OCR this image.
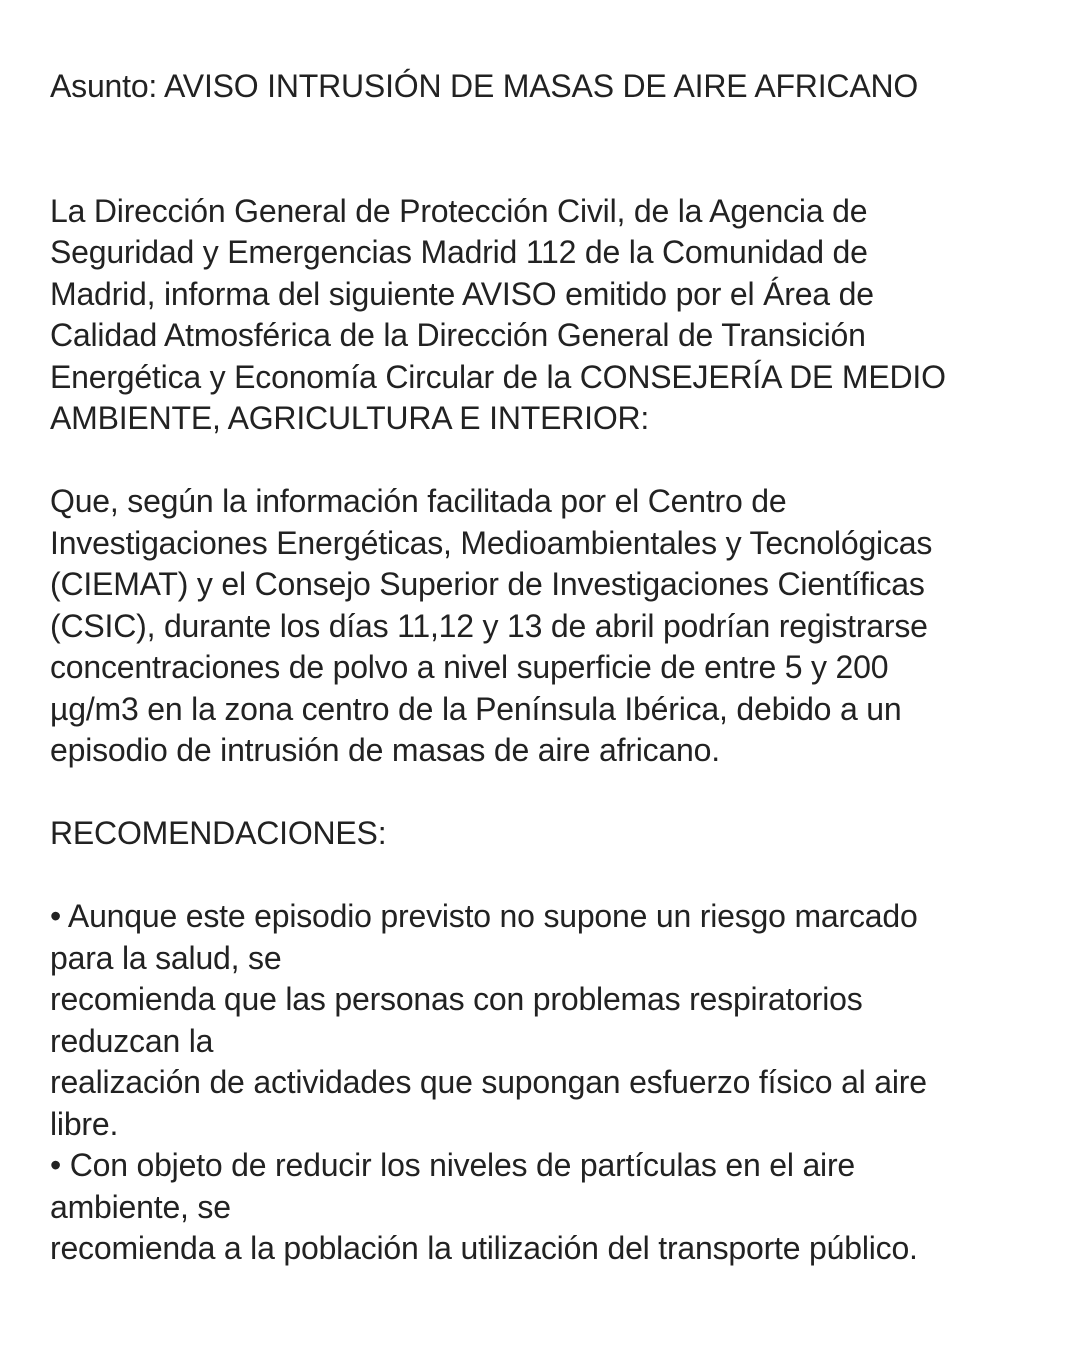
Asunto: AVISO INTRUSIÓN DE MASAS DE AIRE AFRICANO
La Dirección General de Protección Civil, de la Agencia de
Seguridad y Emergencias Madrid 112 de la Comunidad de
Madrid, informa del siguiente AVISO emitido por el Área de
Calidad Atmosférica de la Dirección General de Transición
Energética y Economía Circular de la CONSEJERÍA DE MEDIO
AMBIENTE, AGRICULTURA E INTERIOR:
Que, según la información facilitada por el Centro de
Investigaciones Energéticas, Medioambientales y Tecnológicas
(CIEMAT) y el Consejo Superior de Investigaciones Científicas
(CSIC), durante los días 11,12 y 13 de abril podrían registrarse
concentraciones de polvo a nivel superficie de entre 5 y 200
µg/m3 en la zona centro de la Península Ibérica, debido a un
episodio de intrusión de masas de aire africano.
RECOMENDACIONES:
• Aunque este episodio previsto no supone un riesgo marcado
para la salud, se
recomienda que las personas con problemas respiratorios
reduzcan la
realización de actividades que supongan esfuerzo físico al aire
libre.
• Con objeto de reducir los niveles de partículas en el aire
ambiente, se
recomienda a la población la utilización del transporte público.
